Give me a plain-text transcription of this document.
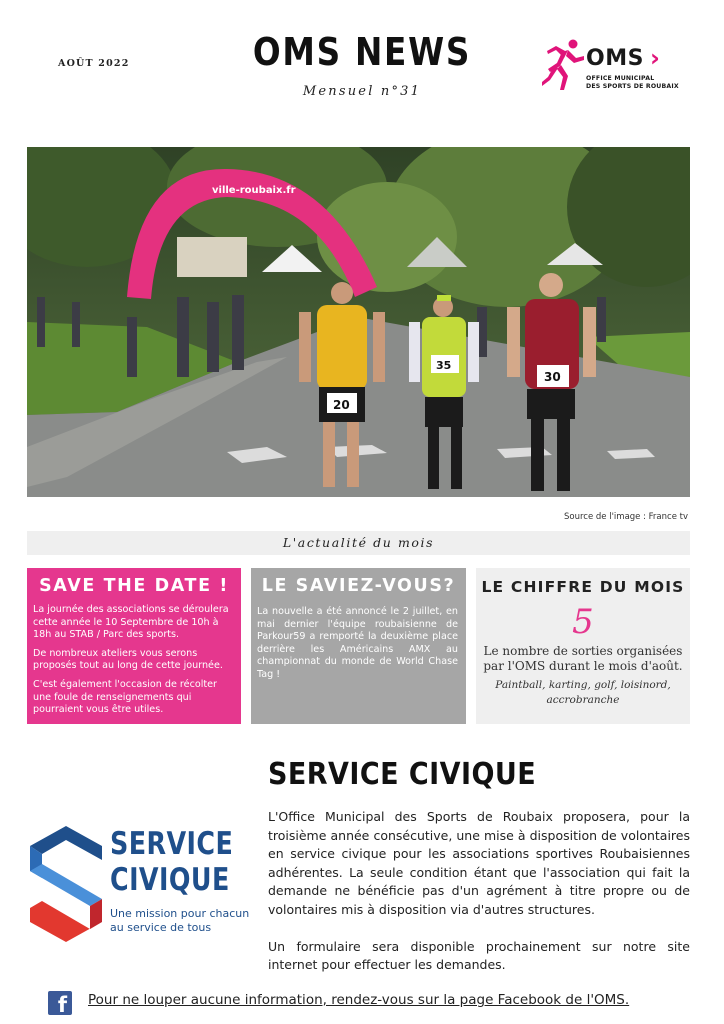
AOÛT 2022	OMS NEWS
Mensuel n°31
OMS ›
OFFICE MUNICIPAL
DES SPORTS DE ROUBAIX
ville-roubaix.fr
20
35
30
Source de l'image : France tv
L'actualité du mois
SAVE THE DATE !

La journée des associations se déroulera cette année le 10 Septembre de 10h à 18h au STAB / Parc des sports.

De nombreux ateliers vous serons proposés tout au long de cette journée.

C'est également l'occasion de récolter une foule de renseignements qui pourraient vous être utiles.

LE SAVIEZ-VOUS?
La nouvelle a été annoncé le 2 juillet, en mai dernier l'équipe roubaisienne de Parkour59 a remporté la deuxième place derrière les Américains AMX au championnat du monde de World Chase Tag !
LE CHIFFRE DU MOIS
5
Le nombre de sorties organisées par l'OMS durant le mois d'août.
Paintball, karting, golf, loisinord, accrobranche
SERVICE CIVIQUE
SERVICE
CIVIQUE
Une mission pour chacun
au service de tous

L'Office Municipal des Sports de Roubaix proposera, pour la troisième année consécutive, une mise à disposition de volontaires en service civique pour les associations sportives Roubaisiennes adhérentes. La seule condition étant que l'association qui fait la demande ne bénéficie pas d'un agrément à titre propre ou de volontaires mis à disposition via d'autres structures.

Un formulaire sera disponible prochainement sur notre site internet pour effectuer les demandes.

f Pour ne louper aucune information, rendez-vous sur la page Facebook de l'OMS.
